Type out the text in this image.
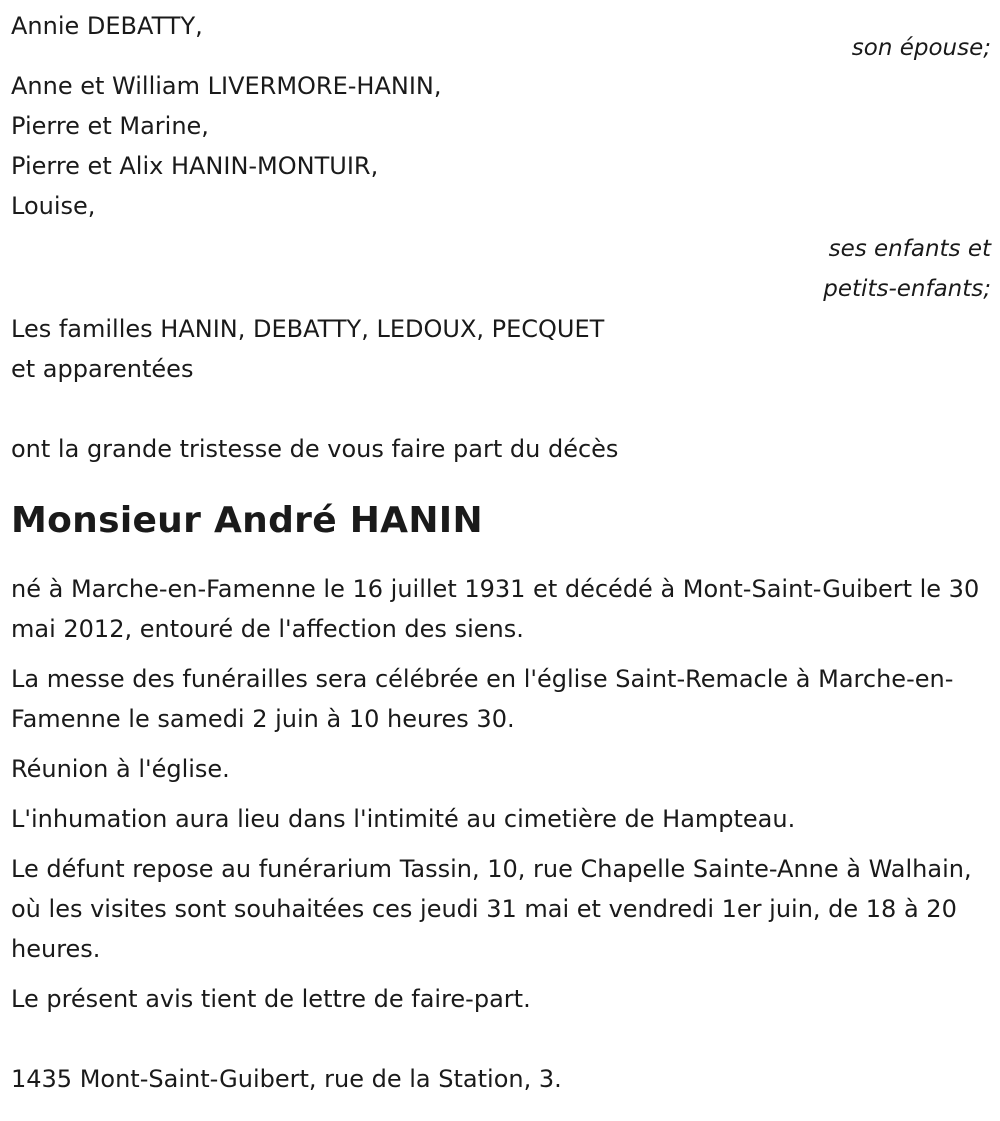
Annie DEBATTY,
son épouse;
Anne et William LIVERMORE-HANIN,
Pierre et Marine,
Pierre et Alix HANIN-MONTUIR,
Louise,
ses enfants et
petits-enfants;
Les familles HANIN, DEBATTY, LEDOUX, PECQUET
et apparentées
ont la grande tristesse de vous faire part du décès
Monsieur André HANIN

né à Marche-en-Famenne le 16 juillet 1931 et décédé à Mont-Saint-Guibert le 30 mai 2012, entouré de l'affection des siens.

La messe des funérailles sera célébrée en l'église Saint-Remacle à Marche-en-Famenne le samedi 2 juin à 10 heures 30.

Réunion à l'église.

L'inhumation aura lieu dans l'intimité au cimetière de Hampteau.

Le défunt repose au funérarium Tassin, 10, rue Chapelle Sainte-Anne à Walhain, où les visites sont souhaitées ces jeudi 31 mai et vendredi 1er juin, de 18 à 20 heures.

Le présent avis tient de lettre de faire-part.

1435 Mont-Saint-Guibert, rue de la Station, 3.
